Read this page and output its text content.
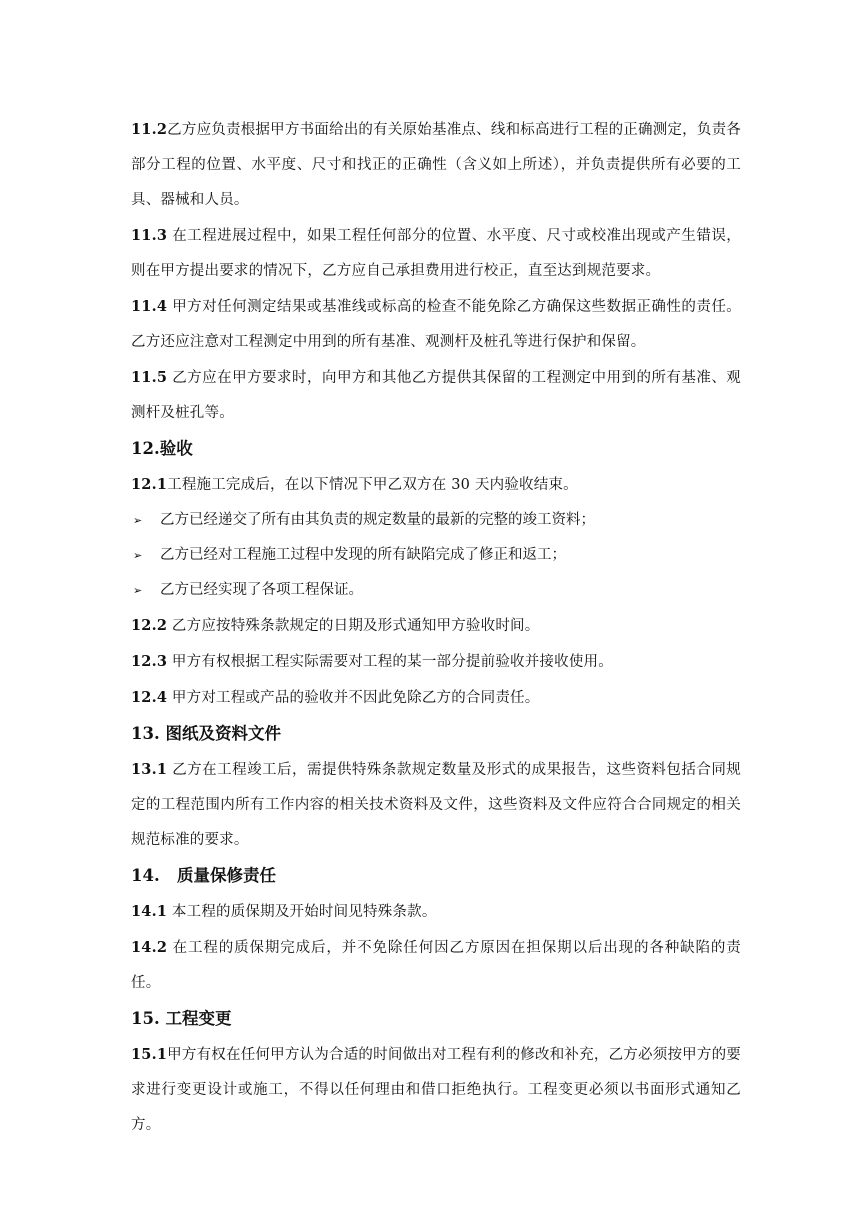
11.2乙方应负责根据甲方书面给出的有关原始基准点、线和标高进行工程的正确测定，负责各部分工程的位置、水平度、尺寸和找正的正确性（含义如上所述），并负责提供所有必要的工具、器械和人员。

11.3 在工程进展过程中，如果工程任何部分的位置、水平度、尺寸或校准出现或产生错误，则在甲方提出要求的情况下，乙方应自己承担费用进行校正，直至达到规范要求。

11.4 甲方对任何测定结果或基准线或标高的检查不能免除乙方确保这些数据正确性的责任。乙方还应注意对工程测定中用到的所有基准、观测杆及桩孔等进行保护和保留。

11.5 乙方应在甲方要求时，向甲方和其他乙方提供其保留的工程测定中用到的所有基准、观测杆及桩孔等。

12.验收

12.1工程施工完成后，在以下情况下甲乙双方在 30 天内验收结束。

➢	乙方已经递交了所有由其负责的规定数量的最新的完整的竣工资料；
➢	乙方已经对工程施工过程中发现的所有缺陷完成了修正和返工；
➢	乙方已经实现了各项工程保证。

12.2 乙方应按特殊条款规定的日期及形式通知甲方验收时间。

12.3 甲方有权根据工程实际需要对工程的某一部分提前验收并接收使用。

12.4 甲方对工程或产品的验收并不因此免除乙方的合同责任。

13. 图纸及资料文件

13.1 乙方在工程竣工后，需提供特殊条款规定数量及形式的成果报告，这些资料包括合同规定的工程范围内所有工作内容的相关技术资料及文件，这些资料及文件应符合合同规定的相关规范标准的要求。

14.   质量保修责任

14.1 本工程的质保期及开始时间见特殊条款。

14.2 在工程的质保期完成后，并不免除任何因乙方原因在担保期以后出现的各种缺陷的责任。

15. 工程变更

15.1甲方有权在任何甲方认为合适的时间做出对工程有利的修改和补充，乙方必须按甲方的要求进行变更设计或施工，不得以任何理由和借口拒绝执行。工程变更必须以书面形式通知乙方。
